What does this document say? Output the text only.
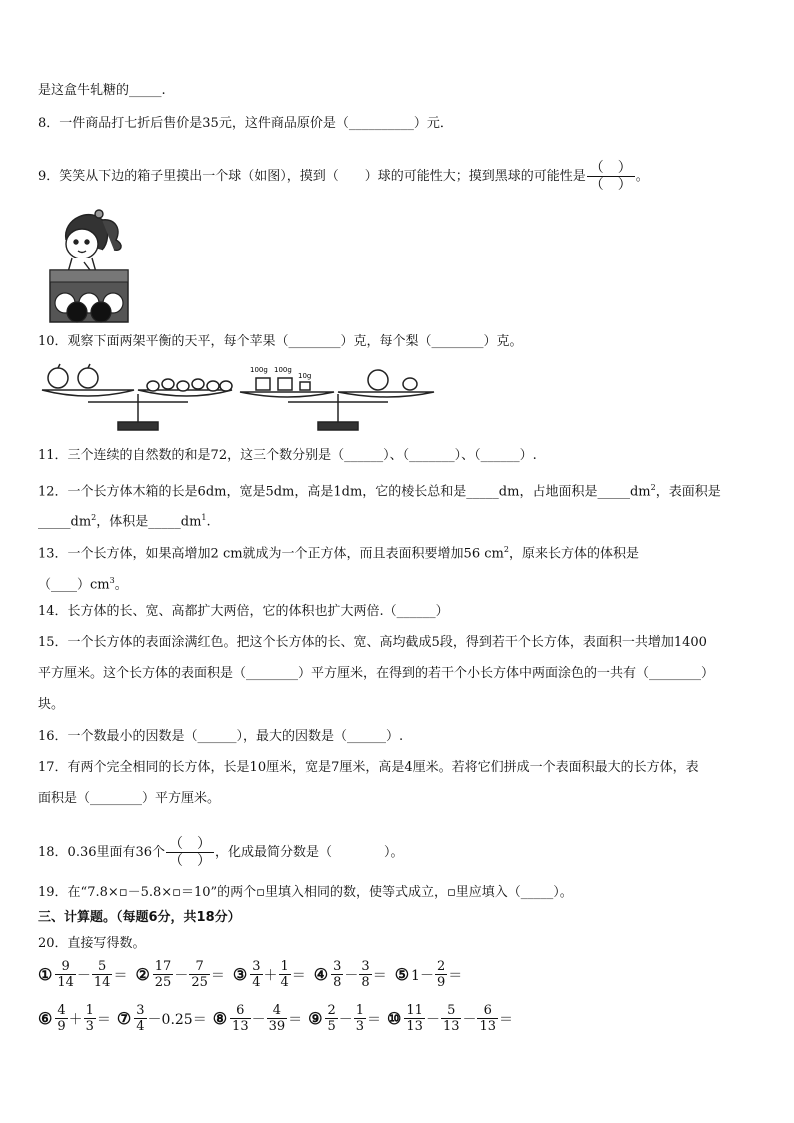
是这盒牛轧糖的_____.
8．一件商品打七折后售价是35元，这件商品原价是（__________）元．
9．笑笑从下边的箱子里摸出一个球（如图），摸到（　　）球的可能性大；摸到黑球的可能性是 $\frac{( )}{( )}$ 。
10．观察下面两架平衡的天平，每个苹果（________）克，每个梨（________）克。
100g 100g
10g
11．三个连续的自然数的和是72，这三个数分别是（______）、（_______）、（______）.
12．一个长方体木箱的长是6dm，宽是5dm，高是1dm，它的棱长总和是_____dm，占地面积是$\_\_\_\_\_dm^2$，表面积是
$\_\_\_\_\_dm^2$，体积是$\_\_\_\_\_dm^1$.
13．一个长方体，如果高增加2 cm就成为一个正方体，而且表面积要增加56 $cm^2$，原来长方体的体积是
$(\_\_\_\_)cm^3$。
14．长方体的长、宽、高都扩大两倍，它的体积也扩大两倍.（______）
15．一个长方体的表面涂满红色。把这个长方体的长、宽、高均截成5段，得到若干个长方体，表面积一共增加1400
平方厘米。这个长方体的表面积是（________）平方厘米，在得到的若干个小长方体中两面涂色的一共有（________）
块。
16．一个数最小的因数是（______），最大的因数是（______）.
17．有两个完全相同的长方体，长是10厘米，宽是7厘米，高是4厘米。若将它们拼成一个表面积最大的长方体，表
面积是（________）平方厘米。
18．0.36里面有36个 $\frac{( )}{( )}$ ，化成最简分数是（　　　　）。
19．在“7.8×▫－5.8×▫＝10”的两个▫里填入相同的数，使等式成立，▫里应填入（_____）。
三、计算题。（每题6分，共18分）
20．直接写得数。
① $\frac{9}{14} - \frac{5}{14}$ ＝ ② $\frac{17}{25} - \frac{7}{25}$ ＝ ③ $\frac{3}{4} + \frac{1}{4}$ ＝ ④ $\frac{3}{8} - \frac{3}{8}$ ＝ ⑤ $1- \frac{2}{9}$ ＝
⑥ $\frac{4}{9} + \frac{1}{3}$ ＝ ⑦ $\frac{3}{4} -0.25=$ ⑧ $\frac{6}{13} - \frac{4}{39}$ ＝ ⑨ $\frac{2}{5} - \frac{1}{3}$ ＝ ⑩ $\frac{11}{13} - \frac{5}{13} - \frac{6}{13}$ ＝
